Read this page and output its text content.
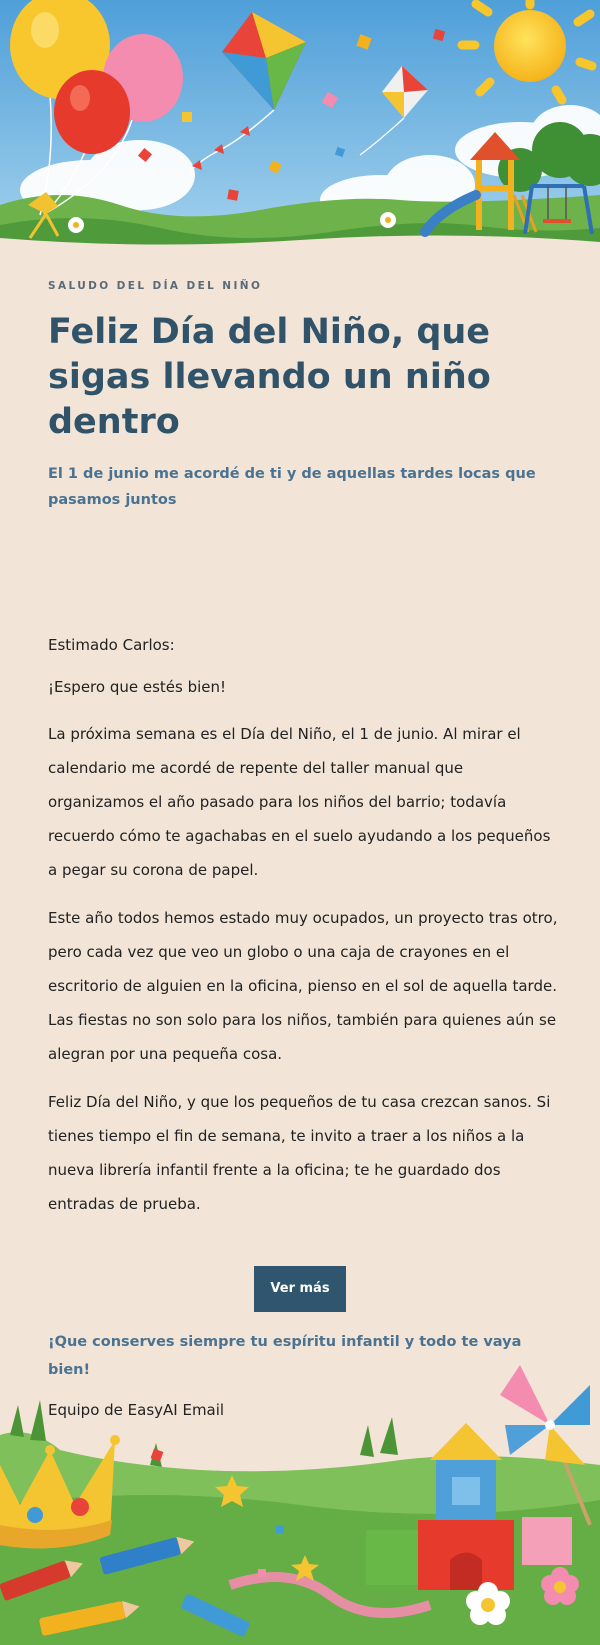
SALUDO DEL DÍA DEL NIÑO
Feliz Día del Niño, que sigas llevando un niño dentro
El 1 de junio me acordé de ti y de aquellas tardes locas que pasamos juntos
Estimado Carlos:
¡Espero que estés bien!
La próxima semana es el Día del Niño, el 1 de junio. Al mirar el calendario me acordé de repente del taller manual que organizamos el año pasado para los niños del barrio; todavía recuerdo cómo te agachabas en el suelo ayudando a los pequeños a pegar su corona de papel.
Este año todos hemos estado muy ocupados, un proyecto tras otro, pero cada vez que veo un globo o una caja de crayones en el escritorio de alguien en la oficina, pienso en el sol de aquella tarde. Las fiestas no son solo para los niños, también para quienes aún se alegran por una pequeña cosa.
Feliz Día del Niño, y que los pequeños de tu casa crezcan sanos. Si tienes tiempo el fin de semana, te invito a traer a los niños a la nueva librería infantil frente a la oficina; te he guardado dos entradas de prueba.
Ver más
¡Que conserves siempre tu espíritu infantil y todo te vaya bien!
Equipo de EasyAI Email
